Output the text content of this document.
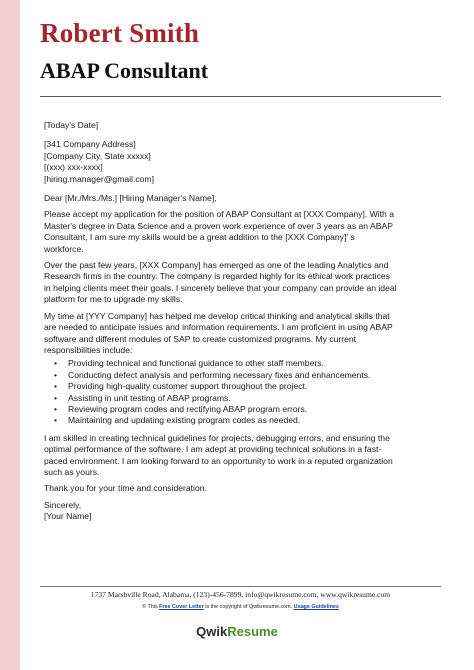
Robert Smith
ABAP Consultant
[Today's Date]
[341 Company Address]
[Company City, State xxxxx]
[(xxx) xxx-xxxx]
[hiring.manager@gmail.com]

Dear [Mr./Mrs./Ms.] [Hiring Manager's Name],

Please accept my application for the position of ABAP Consultant at [XXX Company]. With a
Master's degree in Data Science and a proven work experience of over 3 years as an ABAP
Consultant, I am sure my skills would be a great addition to the [XXX Company]' s
workforce.

Over the past few years, [XXX Company] has emerged as one of the leading Analytics and
Research firms in the country. The company is regarded highly for its ethical work practices
in helping clients meet their goals. I sincerely believe that your company can provide an ideal
platform for me to upgrade my skills.

My time at [YYY Company] has helped me develop critical thinking and analytical skills that
are needed to anticipate issues and information requirements. I am proficient in using ABAP
software and different modules of SAP to create customized programs. My current
responsibilities include:

• Providing technical and functional guidance to other staff members.
• Conducting defect analysis and performing necessary fixes and enhancements.
• Providing high-quality customer support throughout the project.
• Assisting in unit testing of ABAP programs.
• Reviewing program codes and rectifying ABAP program errors.
• Maintaining and updating existing program codes as needed.

I am skilled in creating technical guidelines for projects, debugging errors, and ensuring the
optimal performance of the software. I am adept at providing technical solutions in a fast-
paced environment. I am looking forward to an opportunity to work in a reputed organization
such as yours.

Thank you for your time and consideration.

Sincerely,
[Your Name]
1737 Marshville Road, Alabama, (123)-456-7899, info@qwikresume.com, www.qwikresume.com
© This Free Cover Letter is the copyright of Qwikresume.com. Usage Guidelines
QwikResume
